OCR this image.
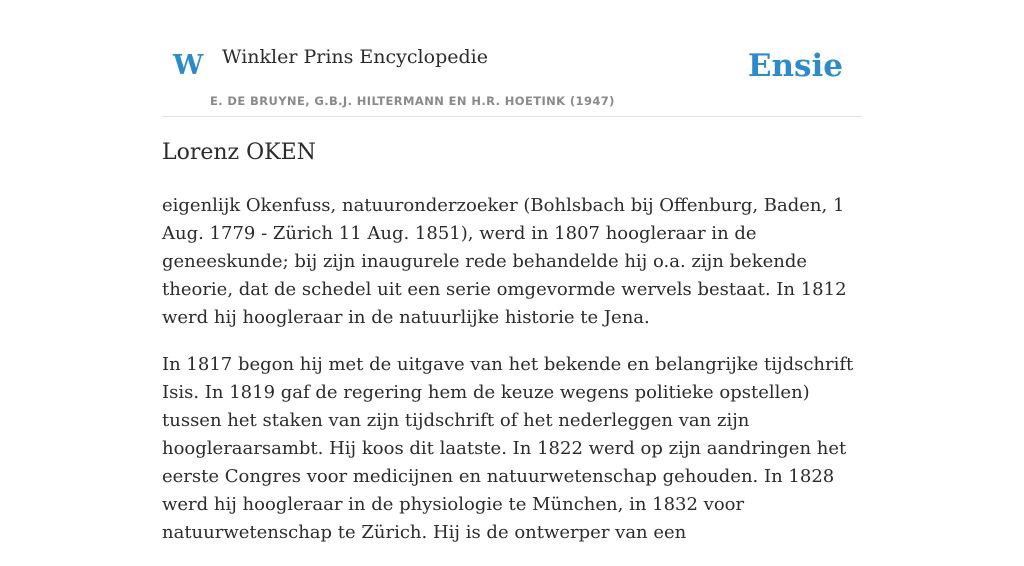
W Winkler Prins Encyclopedie
E. DE BRUYNE, G.B.J. HILTERMANN EN H.R. HOETINK (1947)
Ensie
Lorenz OKEN

eigenlijk Okenfuss, natuuronderzoeker (Bohlsbach bij Offenburg, Baden, 1 Aug. 1779 - Zürich 11 Aug. 1851), werd in 1807 hoogleraar in de geneeskunde; bij zijn inaugurele rede behandelde hij o.a. zijn bekende theorie, dat de schedel uit een serie omgevormde wervels bestaat. In 1812 werd hij hoogleraar in de natuurlijke historie te Jena.

In 1817 begon hij met de uitgave van het bekende en belangrijke tijdschrift Isis. In 1819 gaf de regering hem de keuze wegens politieke opstellen) tussen het staken van zijn tijdschrift of het nederleggen van zijn hoogleraarsambt. Hij koos dit laatste. In 1822 werd op zijn aandringen het eerste Congres voor medicijnen en natuurwetenschap gehouden. In 1828 werd hij hoogleraar in de physiologie te München, in 1832 voor natuurwetenschap te Zürich. Hij is de ontwerper van een
